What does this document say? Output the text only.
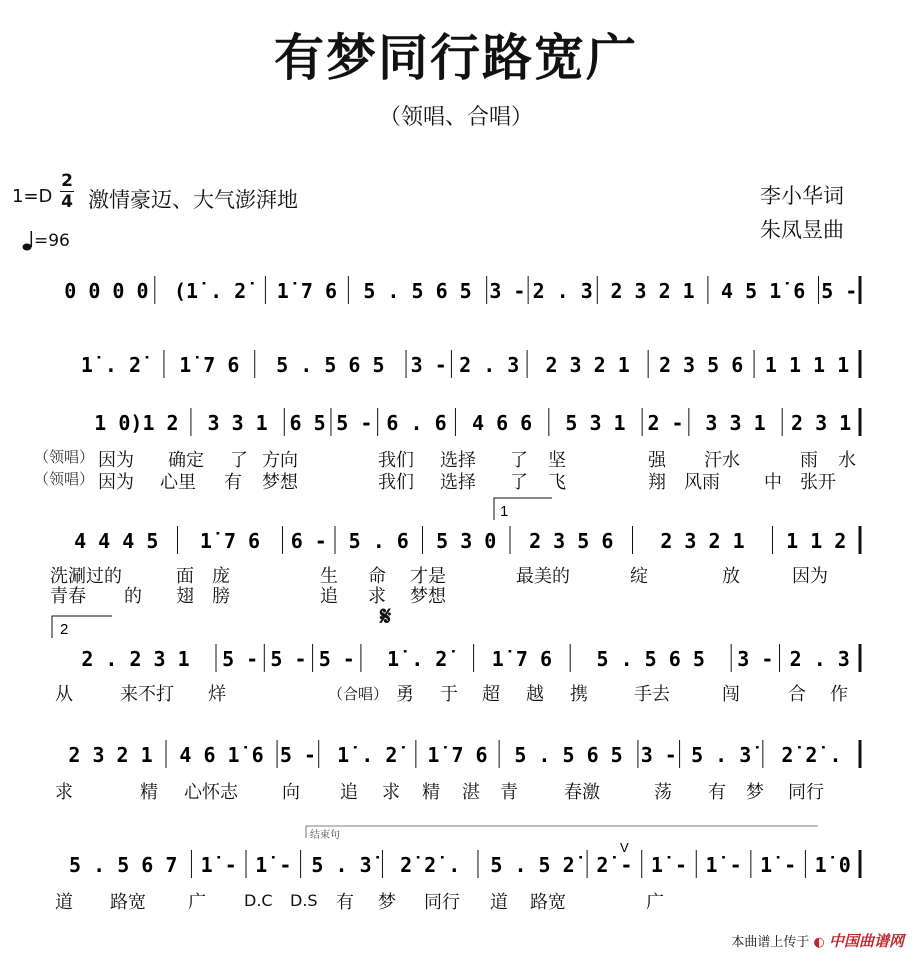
有梦同行路宽广
（领唱、合唱）
1=D
2
4 激情豪迈、大气澎湃地
=96
李小华词
朱凤昱曲
0 0 0 0 (1̇ . 2̇	1̇ 7 6 5 . 5 6 5 3 - 2 . 3 2 3 2 1 4 5 1̇ 6 5 -
1̇ . 2̇	1̇ 7 6 5 . 5 6 5 3 - 2 . 3 2 3 2 1 2 3 5 6 1 1 1 1
1 0)1 2 3 3 1 6 5 5 - 6 . 6 4 6 6 5 3 1 2 - 3 3 1 2 3 1
4 4 4 5 1̇ 7 6 6 - 5 . 6 5 3 0 2 3 5 6 2 3 2 1 1 1 2
2 . 2 3 1 5 - 5 - 5 - 1̇ . 2̇	1̇ 7 6 5 . 5 6 5 3 - 2 . 3
2 3 2 1 4 6 1̇ 6 5 - 1̇ . 2̇	1̇ 7 6 5 . 5 6 5 3 - 5 . 3̇	2̇ 2̇ .
5 . 5 6 7 1̇ - 1̇ - 5 . 3̇	2̇ 2̇ . 5 . 5 2̇	2̇ - 1̇ - 1̇ - 1̇ - 1̇ 0
1
2
V
结束句
𝄋
（领唱） 因为 确定 了 方向	我们 选择 了 坚	强 汗水	雨 水
（领唱） 因为 心里 有 梦想	我们 选择 了 飞	翔 风雨 中 张开
洗涮过的	面 庞	生 命 才是	最美的	绽	放	因为
青春 的 翅 膀	追 求 梦想
从	来不打 烊	（合唱） 勇 于 超 越 携	手去	闯	合 作
求	精 心怀志 向 追 求 精 湛 青	春激	荡 有 梦 同行
道 路宽 广 D.C D.S 有 梦 同行 道 路宽	广
本曲谱上传于 ◐ 中国曲谱网
